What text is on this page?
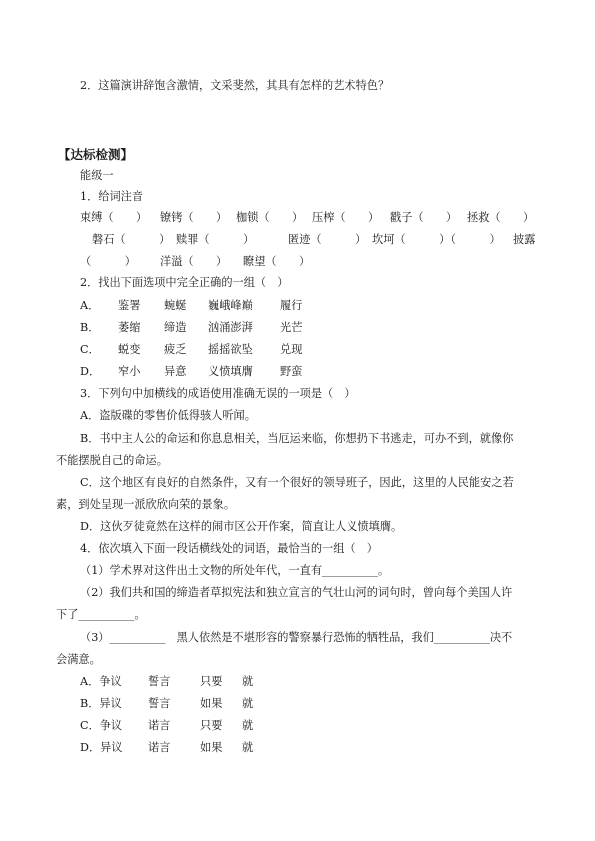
2．这篇演讲辞饱含激情，文采斐然，其具有怎样的艺术特色？
【达标检测】
能级一
1．给词注音
束缚（　　） 镣铐（　　） 枷锁（　　） 压榨（　　） 戳子（　　） 拯救（　　）
磐石（　　　） 赎罪（　　　）	匿迹（　　　） 坎坷（　　　）（　　　） 披露
（　　　） 洋溢（　　） 瞭望（　　）
2．找出下面选项中完全正确的一组（　）
A． 鉴署 蜿蜒 巍峨峰巅 履行
B． 萎缩 缔造 汹涌澎湃 光芒
C． 蜕变 疲乏 摇摇欲坠 兑现
D． 窄小 异意 义愤填膺 野蛮
3．下列句中加横线的成语使用准确无误的一项是（　）
A．盗版碟的零售价低得骇人听闻。
B．书中主人公的命运和你息息相关，当厄运来临，你想扔下书逃走，可办不到，就像你
不能摆脱自己的命运。
C．这个地区有良好的自然条件，又有一个很好的领导班子，因此，这里的人民能安之若
素，到处呈现一派欣欣向荣的景象。
D．这伙歹徒竟然在这样的闹市区公开作案，简直让人义愤填膺。
4．依次填入下面一段话横线处的词语，最恰当的一组（　）
（1）学术界对这件出土文物的所处年代，一直有__________。
（2）我们共和国的缔造者草拟宪法和独立宣言的气壮山河的词句时，曾向每个美国人许
下了__________。
（3）__________　黑人依然是不堪形容的警察暴行恐怖的牺牲品，我们__________决不
会满意。
A．争议 誓言	只要 就
B．异议 誓言	如果 就
C．争议 诺言	只要 就
D．异议 诺言	如果 就
